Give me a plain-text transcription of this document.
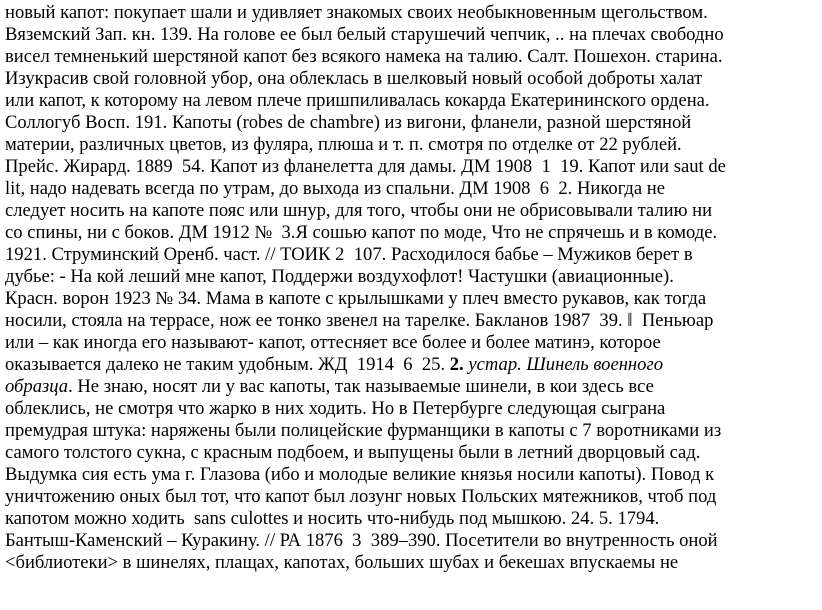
новый капот: покупает шали и удивляет знакомых своих необыкновенным щегольством.
Вяземский Зап. кн. 139. На голове ее был белый старушечий чепчик, .. на плечах свободно
висел темненький шерстяной капот без всякого намека на талию. Салт. Пошехон. старина.
Изукрасив свой головной убор, она облеклась в шелковый новый особой доброты халат
или капот, к которому на левом плече пришпиливалась кокарда Екатерининского ордена.
Соллогуб Восп. 191. Капоты (robes de chambre) из вигони, фланели, разной шерстяной
материи, различных цветов, из фуляра, плюша и т. п. смотря по отделке от 22 рублей.
Прейс. Жирард. 1889  54. Капот из фланелетта для дамы. ДМ 1908  1  19. Капот или saut de
lit, надо надевать всегда по утрам, до выхода из спальни. ДМ 1908  6  2. Никогда не
следует носить на капоте пояс или шнур, для того, чтобы они не обрисовывали талию ни
со спины, ни с боков. ДМ 1912 №  3.Я сошью капот по моде, Что не спрячешь и в комоде.
1921. Струминский Оренб. част. // ТОИК 2  107. Расходилося бабье – Мужиков берет в
дубье: - На кой леший мне капот, Поддержи воздухофлот! Частушки (авиационные).
Красн. ворон 1923 № 34. Мама в капоте с крылышками у плеч вместо рукавов, как тогда
носили, стояла на террасе, нож ее тонко звенел на тарелке. Бакланов 1987  39. ‖  Пеньюар
или – как иногда его называют- капот, оттесняет все более и более матинэ, которое
оказывается далеко не таким удобным. ЖД  1914  6  25. 2. устар. Шинель военного
образца. Не знаю, носят ли у вас капоты, так называемые шинели, в кои здесь все
облеклись, не смотря что жарко в них ходить. Но в Петербурге следующая сыграна
премудрая штука: наряжены были полицейские фурманщики в капоты с 7 воротниками из
самого толстого сукна, с красным подбоем, и выпущены были в летний дворцовый сад.
Выдумка сия есть ума г. Глазова (ибо и молодые великие князья носили капоты). Повод к
уничтожению оных был тот, что капот был лозунг новых Польских мятежников, чтоб под
капотом можно ходить  sans culottes и носить что-нибудь под мышкою. 24. 5. 1794.
Бантыш-Каменский – Куракину. // РА 1876  3  389–390. Посетители во внутренность оной
<библиотеки> в шинелях, плащах, капотах, больших шубах и бекешах впускаемы не
